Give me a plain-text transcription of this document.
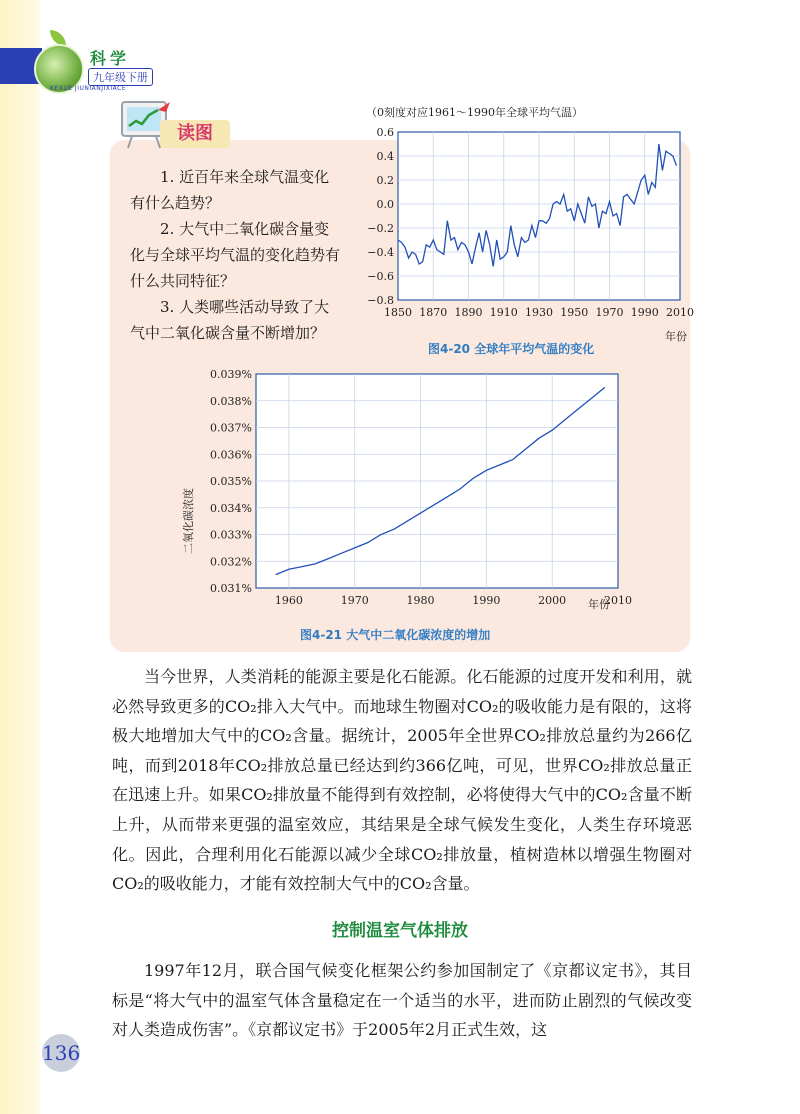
科学
九年级下册
KEXUE JIUNIANJIXIACE
读图

1. 近百年来全球气温变化有什么趋势？

2. 大气中二氧化碳含量变化与全球平均气温的变化趋势有什么共同特征？

3. 人类哪些活动导致了大气中二氧化碳含量不断增加？

（0刻度对应1961～1990年全球平均气温）
0.6
0.4
0.2
0.0
−0.2
−0.4
−0.6
−0.8
1850 1870 1890 1910 1930 1950 1970 1990 2010
年份
图4-20 全球年平均气温的变化
0.039%
0.038%
0.037%
0.036%
0.035%
0.034%
0.033%
0.032%
0.031%
1960	1970	1980	1990	2000	2010
年份
二氧化碳浓度
图4-21 大气中二氧化碳浓度的增加

当今世界，人类消耗的能源主要是化石能源。化石能源的过度开发和利用，就必然导致更多的CO₂排入大气中。而地球生物圈对CO₂的吸收能力是有限的，这将极大地增加大气中的CO₂含量。据统计，2005年全世界CO₂排放总量约为266亿吨，而到2018年CO₂排放总量已经达到约366亿吨，可见，世界CO₂排放总量正在迅速上升。如果CO₂排放量不能得到有效控制，必将使得大气中的CO₂含量不断上升，从而带来更强的温室效应，其结果是全球气候发生变化，人类生存环境恶化。因此，合理利用化石能源以减少全球CO₂排放量，植树造林以增强生物圈对CO₂的吸收能力，才能有效控制大气中的CO₂含量。

控制温室气体排放

1997年12月，联合国气候变化框架公约参加国制定了《京都议定书》，其目标是“将大气中的温室气体含量稳定在一个适当的水平，进而防止剧烈的气候改变对人类造成伤害”。《京都议定书》于2005年2月正式生效，这

136
